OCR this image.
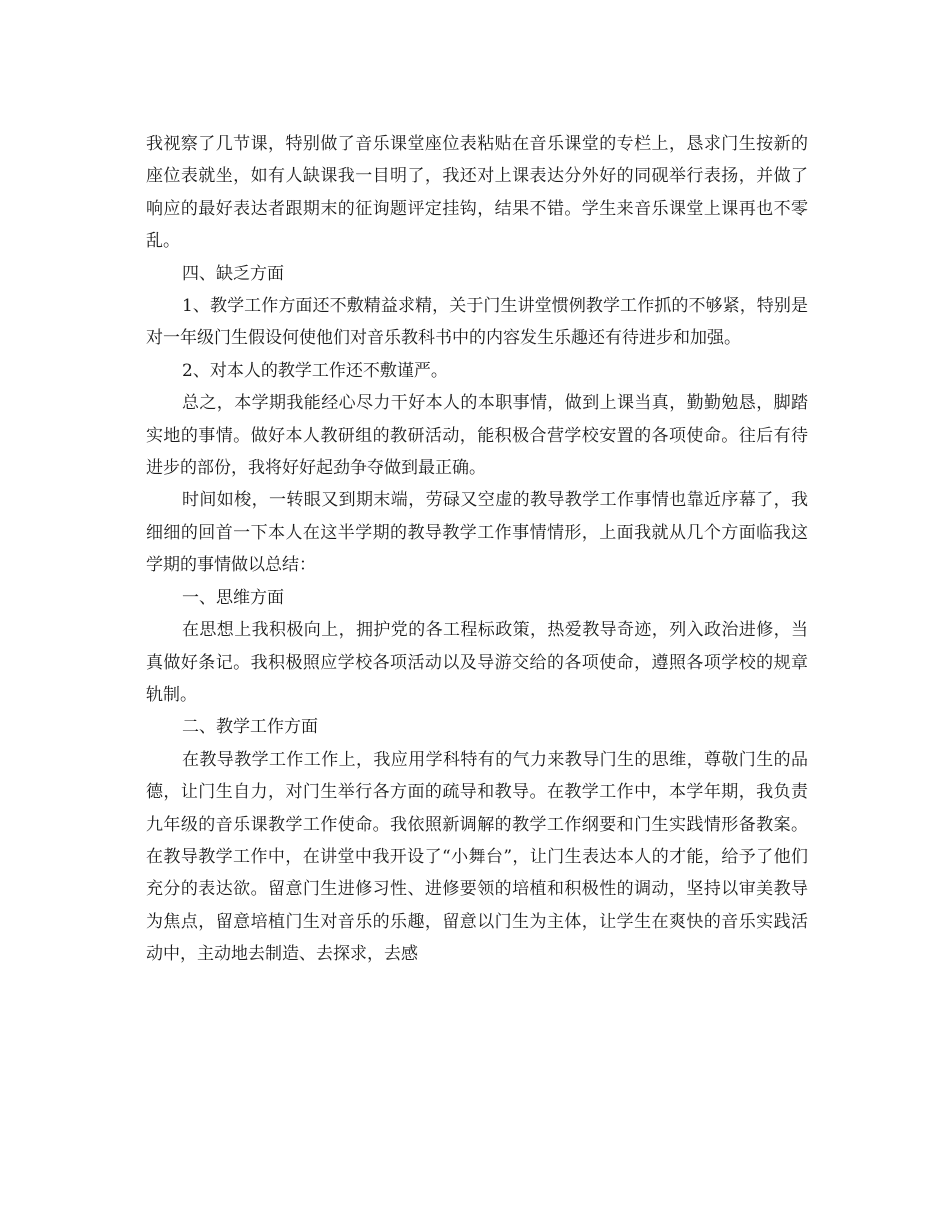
我视察了几节课，特别做了音乐课堂座位表粘贴在音乐课堂的专栏上，恳求门生按新的座位表就坐，如有人缺课我一目明了，我还对上课表达分外好的同砚举行表扬，并做了响应的最好表达者跟期末的征询题评定挂钩，结果不错。学生来音乐课堂上课再也不零乱。

四、缺乏方面

1、教学工作方面还不敷精益求精，关于门生讲堂惯例教学工作抓的不够紧，特别是对一年级门生假设何使他们对音乐教科书中的内容发生乐趣还有待进步和加强。

2、对本人的教学工作还不敷谨严。

总之，本学期我能经心尽力干好本人的本职事情，做到上课当真，勤勤勉恳，脚踏实地的事情。做好本人教研组的教研活动，能积极合营学校安置的各项使命。往后有待进步的部份，我将好好起劲争夺做到最正确。

时间如梭，一转眼又到期末端，劳碌又空虚的教导教学工作事情也靠近序幕了，我细细的回首一下本人在这半学期的教导教学工作事情情形，上面我就从几个方面临我这学期的事情做以总结：

一、思维方面

在思想上我积极向上，拥护党的各工程标政策，热爱教导奇迹，列入政治进修，当真做好条记。我积极照应学校各项活动以及导游交给的各项使命，遵照各项学校的规章轨制。

二、教学工作方面

在教导教学工作工作上，我应用学科特有的气力来教导门生的思维，尊敬门生的品德，让门生自力，对门生举行各方面的疏导和教导。在教学工作中，本学年期，我负责九年级的音乐课教学工作使命。我依照新调解的教学工作纲要和门生实践情形备教案。在教导教学工作中，在讲堂中我开设了“小舞台”，让门生表达本人的才能，给予了他们充分的表达欲。留意门生进修习性、进修要领的培植和积极性的调动，坚持以审美教导为焦点，留意培植门生对音乐的乐趣，留意以门生为主体，让学生在爽快的音乐实践活动中，主动地去制造、去探求，去感
